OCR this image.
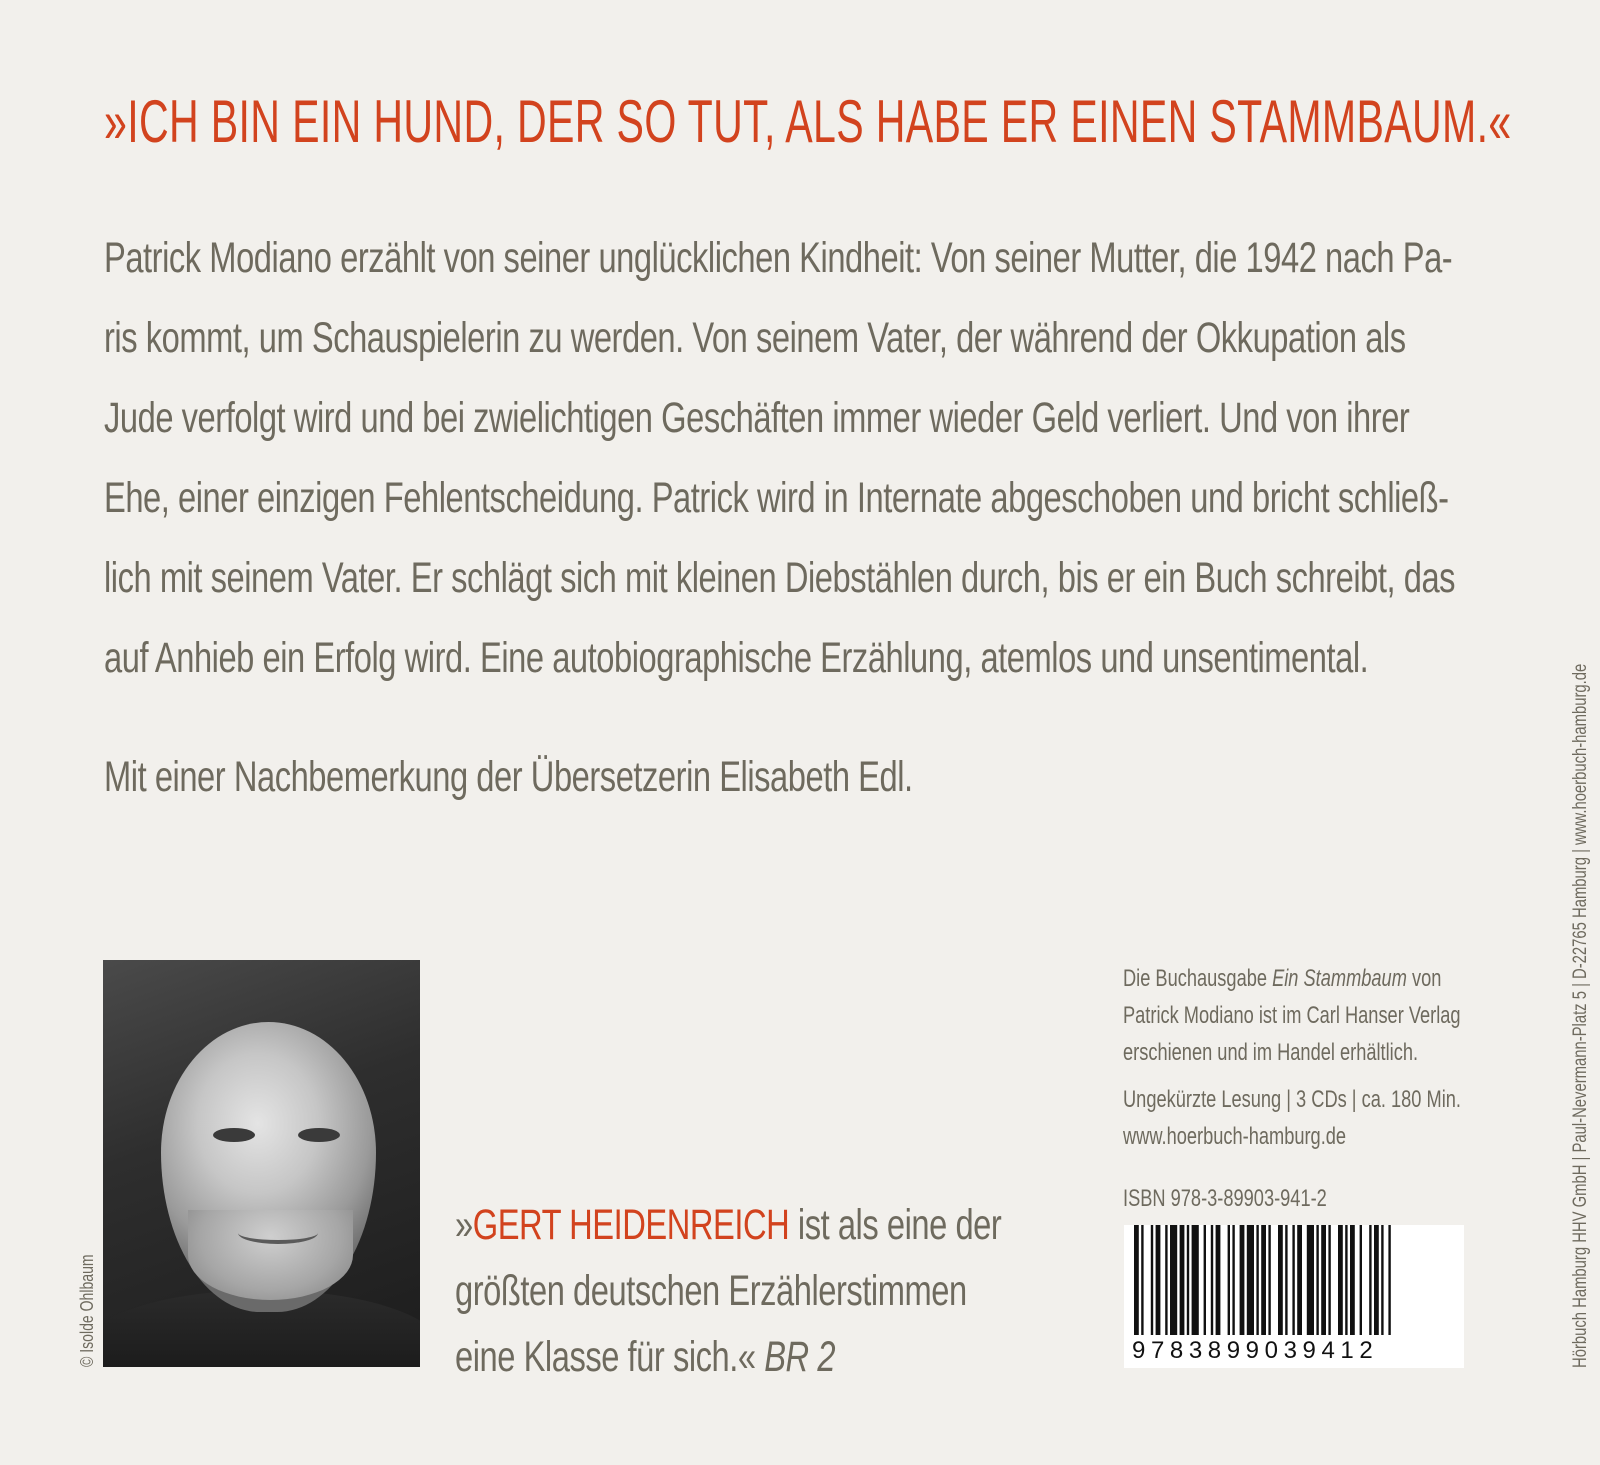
»ICH BIN EIN HUND, DER SO TUT, ALS HABE ER EINEN STAMMBAUM.«
Patrick Modiano erzählt von seiner unglücklichen Kindheit: Von seiner Mutter, die 1942 nach Pa-
ris kommt, um Schauspielerin zu werden. Von seinem Vater, der während der Okkupation als
Jude verfolgt wird und bei zwielichtigen Geschäften immer wieder Geld verliert. Und von ihrer
Ehe, einer einzigen Fehlentscheidung. Patrick wird in Internate abgeschoben und bricht schließ-
lich mit seinem Vater. Er schlägt sich mit kleinen Diebstählen durch, bis er ein Buch schreibt, das
auf Anhieb ein Erfolg wird. Eine autobiographische Erzählung, atemlos und unsentimental.
Mit einer Nachbemerkung der Übersetzerin Elisabeth Edl.
© Isolde Ohlbaum
»GERT HEIDENREICH ist als eine der
größten deutschen Erzählerstimmen
eine Klasse für sich.« BR 2
Die Buchausgabe Ein Stammbaum von
Patrick Modiano ist im Carl Hanser Verlag
erschienen und im Handel erhältlich.
Ungekürzte Lesung | 3 CDs | ca. 180 Min.
www.hoerbuch-hamburg.de
ISBN 978-3-89903-941-2
9783899039412	Hörbuch Hamburg HHV GmbH | Paul-Nevermann-Platz 5 | D-22765 Hamburg | www.hoerbuch-hamburg.de
